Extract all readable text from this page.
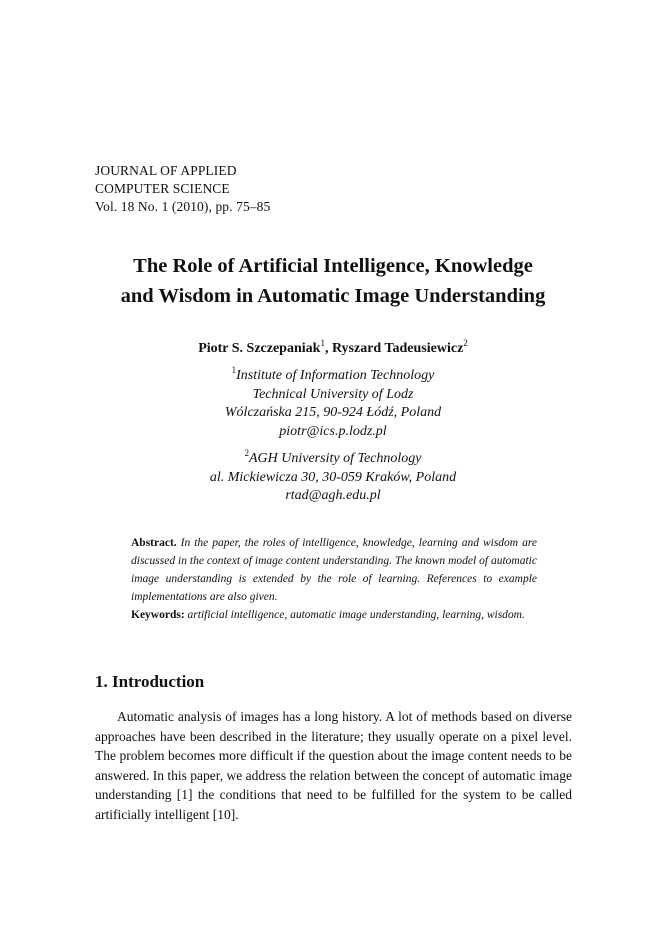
JOURNAL OF APPLIED
COMPUTER SCIENCE
Vol. 18 No. 1 (2010), pp. 75–85
The Role of Artificial Intelligence, Knowledge
and Wisdom in Automatic Image Understanding
Piotr S. Szczepaniak$^1$, Ryszard Tadeusiewicz$^2$
$^1$Institute of Information Technology
Technical University of Lodz
Wólczańska 215, 90-924 Łódź, Poland
piotr@ics.p.lodz.pl
$^2$AGH University of Technology
al. Mickiewicza 30, 30-059 Kraków, Poland
rtad@agh.edu.pl
Abstract. In the paper, the roles of intelligence, knowledge, learning and wisdom are discussed in the context of image content understanding. The known model of automatic image understanding is extended by the role of learning. References to example implementations are also given.
Keywords: artificial intelligence, automatic image understanding, learning, wisdom.
1. Introduction
Automatic analysis of images has a long history. A lot of methods based on diverse approaches have been described in the literature; they usually operate on a pixel level. The problem becomes more difficult if the question about the image content needs to be answered. In this paper, we address the relation between the concept of automatic image understanding [1] the conditions that need to be fulfilled for the system to be called artificially intelligent [10].
